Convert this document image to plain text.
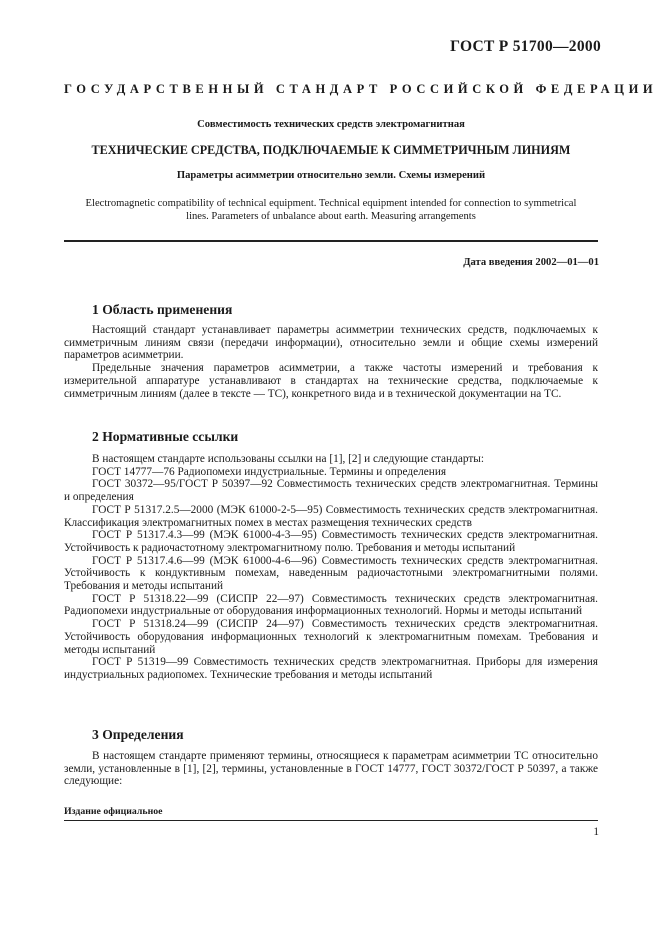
ГОСТ Р 51700—2000
ГОСУДАРСТВЕННЫЙ СТАНДАРТ РОССИЙСКОЙ ФЕДЕРАЦИИ
Совместимость технических средств электромагнитная
ТЕХНИЧЕСКИЕ СРЕДСТВА, ПОДКЛЮЧАЕМЫЕ К СИММЕТРИЧНЫМ ЛИНИЯМ
Параметры асимметрии относительно земли. Схемы измерений
Electromagnetic compatibility of technical equipment. Technical equipment intended for connection to symmetrical
lines. Parameters of unbalance about earth. Measuring arrangements
Дата введения 2002—01—01
1 Область применения

Настоящий стандарт устанавливает параметры асимметрии технических средств, подключаемых к симметричным линиям связи (передачи информации), относительно земли и общие схемы измерений параметров асимметрии.

Предельные значения параметров асимметрии, а также частоты измерений и требования к измерительной аппаратуре устанавливают в стандартах на технические средства, подключаемые к симметричным линиям (далее в тексте — ТС), конкретного вида и в технической документации на ТС.

2 Нормативные ссылки

В настоящем стандарте использованы ссылки на [1], [2] и следующие стандарты:

ГОСТ 14777—76 Радиопомехи индустриальные. Термины и определения

ГОСТ 30372—95/ГОСТ Р 50397—92 Совместимость технических средств электромагнитная. Термины и определения

ГОСТ Р 51317.2.5—2000 (МЭК 61000-2-5—95) Совместимость технических средств электромагнитная. Классификация электромагнитных помех в местах размещения технических средств

ГОСТ Р 51317.4.3—99 (МЭК 61000-4-3—95) Совместимость технических средств электромагнитная. Устойчивость к радиочастотному электромагнитному полю. Требования и методы испытаний

ГОСТ Р 51317.4.6—99 (МЭК 61000-4-6—96) Совместимость технических средств электромагнитная. Устойчивость к кондуктивным помехам, наведенным радиочастотными электромагнитными полями. Требования и методы испытаний

ГОСТ Р 51318.22—99 (СИСПР 22—97) Совместимость технических средств электромагнитная. Радиопомехи индустриальные от оборудования информационных технологий. Нормы и методы испытаний

ГОСТ Р 51318.24—99 (СИСПР 24—97) Совместимость технических средств электромагнитная. Устойчивость оборудования информационных технологий к электромагнитным помехам. Требования и методы испытаний

ГОСТ Р 51319—99 Совместимость технических средств электромагнитная. Приборы для измерения индустриальных радиопомех. Технические требования и методы испытаний

3 Определения

В настоящем стандарте применяют термины, относящиеся к параметрам асимметрии ТС относительно земли, установленные в [1], [2], термины, установленные в ГОСТ 14777, ГОСТ 30372/ГОСТ Р 50397, а также следующие:

Издание официальное
1
